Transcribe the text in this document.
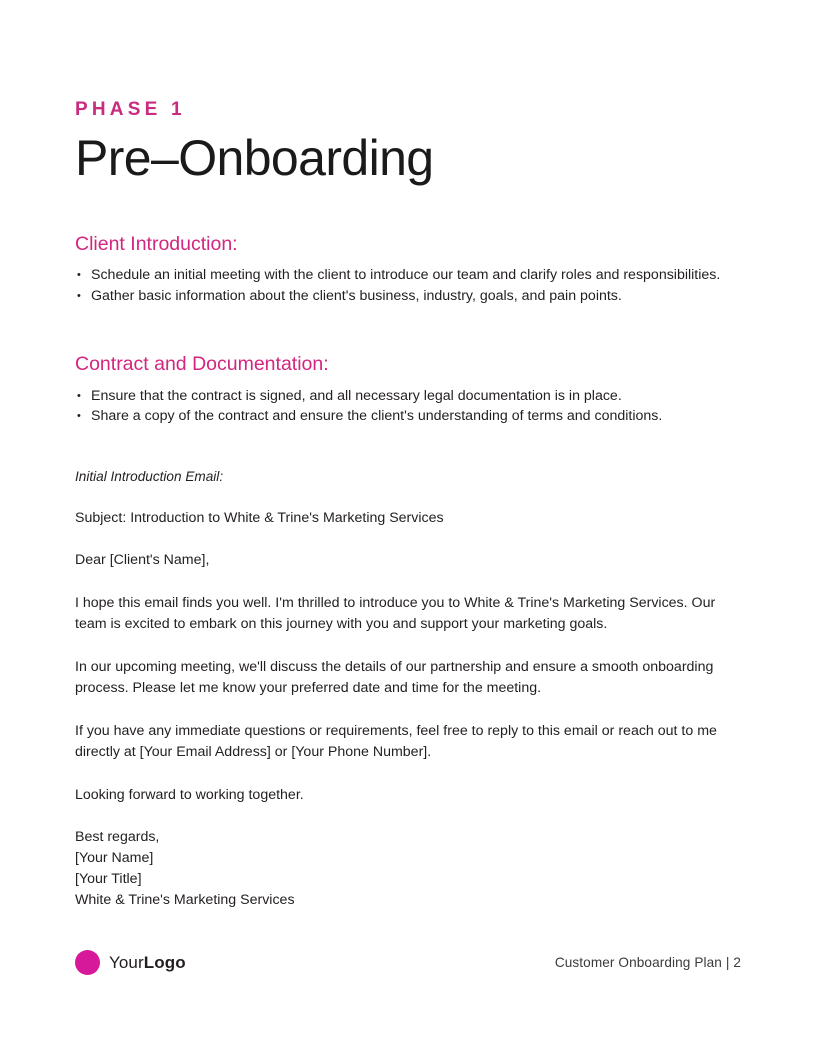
PHASE 1
Pre–Onboarding
Client Introduction:
• Schedule an initial meeting with the client to introduce our team and clarify roles and responsibilities.
• Gather basic information about the client's business, industry, goals, and pain points.
Contract and Documentation:
• Ensure that the contract is signed, and all necessary legal documentation is in place.
• Share a copy of the contract and ensure the client's understanding of terms and conditions.
Initial Introduction Email:
Subject: Introduction to White & Trine's Marketing Services
Dear [Client's Name],
I hope this email finds you well. I'm thrilled to introduce you to White & Trine's Marketing Services. Our team is excited to embark on this journey with you and support your marketing goals.
In our upcoming meeting, we'll discuss the details of our partnership and ensure a smooth onboarding process. Please let me know your preferred date and time for the meeting.
If you have any immediate questions or requirements, feel free to reply to this email or reach out to me directly at [Your Email Address] or [Your Phone Number].
Looking forward to working together.
Best regards,
[Your Name]
[Your Title]
White & Trine's Marketing Services
YourLogo	Customer Onboarding Plan | 2
